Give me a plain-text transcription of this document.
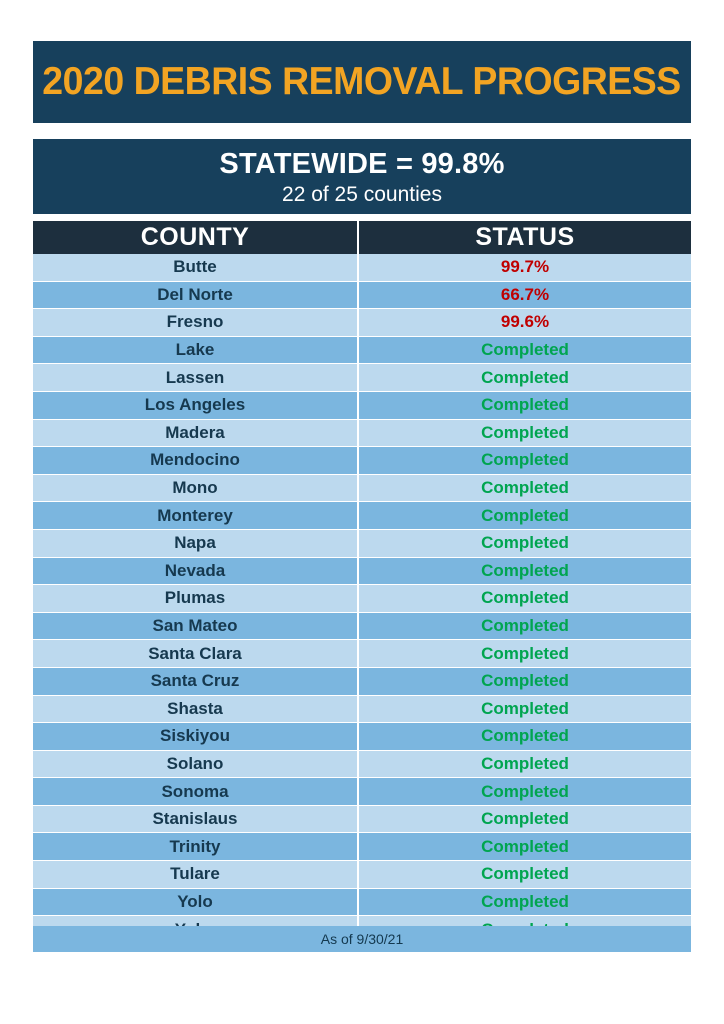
2020 DEBRIS REMOVAL PROGRESS
STATEWIDE = 99.8%
22 of 25 counties
COUNTY	STATUS
Butte	99.7%
Del Norte	66.7%
Fresno	99.6%
Lake	Completed
Lassen	Completed
Los Angeles	Completed
Madera	Completed
Mendocino	Completed
Mono	Completed
Monterey	Completed
Napa	Completed
Nevada	Completed
Plumas	Completed
San Mateo	Completed
Santa Clara	Completed
Santa Cruz	Completed
Shasta	Completed
Siskiyou	Completed
Solano	Completed
Sonoma	Completed
Stanislaus	Completed
Trinity	Completed
Tulare	Completed
Yolo	Completed

As of 9/30/21
